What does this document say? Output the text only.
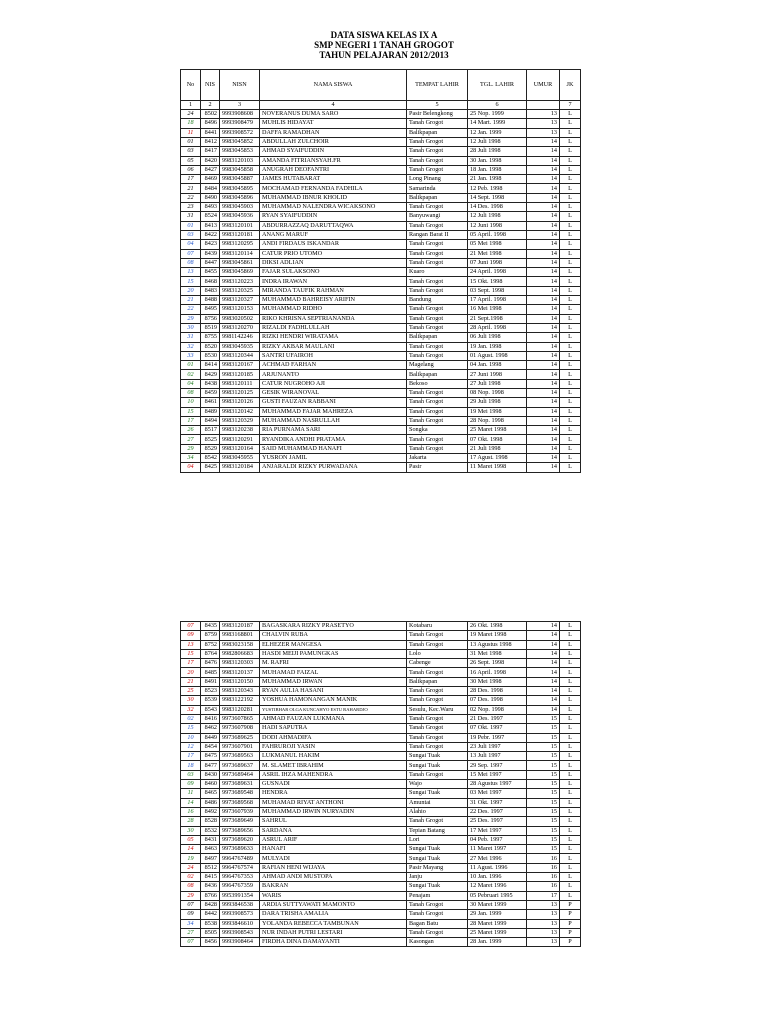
DATA SISWA KELAS IX A
SMP NEGERI 1 TANAH GROGOT
TAHUN PELAJARAN 2012/2013
No	NIS	NISN	NAMA SISWA	TEMPAT LAHIR	TGL. LAHIR	UMUR	JK
1	2	3	4	5	6		7
24	8502	9993908608	NOVERANUS DUMA SARO	Pasir Belengkong	25 Nop. 1999	13	L
18	8496	9993908479	MUHLIS HIDAYAT	Tanah Grogot	14 Mart. 1999	13	L
11	8441	9993908572	DAFFA RAMADHAN	Balikpapan	12 Jan. 1999	13	L
01	8412	9983045852	ABDULLAH ZULCHOIR	Tanah Grogot	12 Juli 1998	14	L
03	8417	9983045853	AHMAD SYAIFUDDIN	Tanah Grogot	28 Juli 1998	14	L
05	8420	9983120103	AMANDA FITRIANSYAH.FR	Tanah Grogot	30 Jan. 1998	14	L
06	8427	9983045858	ANUGRAH DEOFANTRI	Tanah Grogot	18 Jan. 1998	14	L
17	8469	9983045887	JAMES HUTABARAT	Long Pinang	21 Jan. 1998	14	L
21	8484	9983045895	MOCHAMAD FERNANDA FADHILA	Samarinda	12 Peb. 1998	14	L
22	8490	9983045896	MUHAMMAD IBNUR KHOLID	Balikpapan	14 Sept. 1998	14	L
23	8493	9983045903	MUHAMMAD NALENDRA WICAKSONO	Tanah Grogot	14 Des. 1998	14	L
31	8524	9983045936	RYAN SYAIFUDDIN	Banyuwangi	12 Juli 1998	14	L
01	8413	9983120101	ABDURRAZZAQ DARUTTAQWA	Tanah Grogot	12 Juni 1998	14	L
03	8422	9983120181	ANANG MARUF	Rangan Barat II	05 April. 1998	14	L
04	8423	9983120295	ANDI FIRDAUS ISKANDAR	Tanah Grogot	05 Mei 1998	14	L
07	8439	9983120114	CATUR PRIO UTOMO	Tanah Grogot	21 Mei 1998	14	L
08	8447	9983045861	DIKSI ADLIAN	Tanah Grogot	07 Juni 1998	14	L
13	8455	9983045869	FAJAR SULAKSONO	Kuaro	24 April. 1998	14	L
15	8468	9983120223	INDRA IRAWAN	Tanah Grogot	15 Okt. 1998	14	L
20	8483	9983120325	MIRANDA TAUFIK RAHMAN	Tanah Grogot	03 Sept. 1998	14	L
21	8488	9983120327	MUHAMMAD BAHREISY ARIFIN	Bandung	17 April. 1998	14	L
22	8495	9983120153	MUHAMMAD RIDHO	Tanah Grogot	16 Mei 1998	14	L
29	8756	9983020502	RIKO KHRISNA SEPTRIANANDA	Tanah Grogot	21 Sept.1998	14	L
30	8519	9983120270	RIZALDI FADHLULLAH	Tanah Grogot	28 April. 1998	14	L
31	8755	9981142246	RIZKI HENDRI WIRATAMA	Balikpapan	06 Juli 1998	14	L
32	8520	9983045935	RIZKY AKBAR MAULANI	Tanah Grogot	19 Jan. 1998	14	L
33	8530	9983120344	SANTRI UFAIROH	Tanah Grogot	01 Agust. 1998	14	L
01	8414	9983120167	ACHMAD FARHAN	Magelang	04 Jan. 1998	14	L
02	8429	9983120185	ARJUNANTO	Balikpapan	27 Juni 1998	14	L
04	8438	9983120111	CATUR NUGROHO AJI	Bekoso	27 Juli 1998	14	L
08	8459	9983120125	GESIK WIRANOVAL	Tanah Grogot	08 Nop. 1998	14	L
10	8461	9983120126	GUSTI FAUZAN RABBANI	Tanah Grogot	29 Juli 1998	14	L
15	8489	9983120142	MUHAMMAD FAJAR MAHREZA	Tanah Grogot	19 Mei 1998	14	L
17	8494	9983120329	MUHAMMAD NASRULLAH	Tanah Grogot	28 Nop. 1998	14	L
26	8517	9983120238	RIA PURNAMA SARI	Songka	25 Maret 1998	14	L
27	8525	9983120291	RYANDIKA ANDHI PRATAMA	Tanah Grogot	07 Okt. 1998	14	L
29	8529	9983120164	SAID MUHAMMAD HANAFI	Tanah Grogot	21 Juli 1998	14	L
34	8542	9983045955	YUSRON JAMIL	Jakarta	17 Agust. 1998	14	L
04	8425	9983120184	ANJARALDI RIZKY PURWADANA	Pasir	11 Maret 1998	14	L
07	8435	9983120187	BAGASKARA RIZKY PRASETYO	Kotabaru	26 Okt. 1998	14	L
09	8759	9983168801	CHALVIN RUBA	Tanah Grogot	19 Maret 1998	14	L
13	8752	9983023158	ELHEZER MANGESA	Tanah Grogot	13 Agustus 1998	14	L
15	8764	9982806683	HASDI MEIJI PAMUNGKAS	Lolo	31 Mei 1998	14	L
17	8476	9983120303	M. RAFRI	Cabenge	26 Sept. 1998	14	L
20	8485	9983120137	MUHAMAD FAIZAL	Tanah Grogot	16 April. 1998	14	L
21	8491	9983120150	MUHAMMAD IRWAN	Balikpapan	30 Mei 1998	14	L
25	8523	9983120343	RYAN AULIA HASANI	Tanah Grogot	28 Des. 1998	14	L
30	8539	9983122192	YOSHUA HAMONANGAN MANIK	Tanah Grogot	07 Des. 1998	14	L
32	8543	9983120281	YUSTIBHAR OLGA KUNCAHYO ESTU RAHARDJO	Sesulu, Kec.Waru	02 Nop. 1998	14	L
02	8416	9973607865	AHMAD FAUZAN LUKMANA	Tanah Grogot	21 Des. 1997	15	L
15	8462	9973607908	HADI SAPUTRA	Tanah Grogot	07 Okt. 1997	15	L
10	8449	9973689625	DODI AHMADIFA	Tanah Grogot	19 Pebr. 1997	15	L
12	8454	9973607901	FAHRUROJI YASIN	Tanah Grogot	23 Juli 1997	15	L
17	8475	9973689563	LUKMANUL HAKIM	Sungai Tuak	13 Juli 1997	15	L
18	8477	9973689637	M. SLAMET IBRAHIM	Sungai Tuak	29 Sep. 1997	15	L
03	8430	9973689464	ASRIL IHZA MAHENDRA	Tanah Grogot	15 Mei 1997	15	L
09	8460	9973689631	GUSNADI	Wajo	28 Agustus 1997	15	L
11	8465	9973689548	HENDRA	Sungai Tuak	03 Mei 1997	15	L
14	8486	9973689568	MUHAMAD RIYAT ANTHONI	Amuntai	31 Okt. 1997	15	L
16	8492	9973607939	MUHAMMAD IRWIN NURYADIN	Alahio	22 Des. 1997	15	L
28	8528	9973689649	SAHRUL	Tanah Grogot	25 Des. 1997	15	L
30	8532	9973689656	SARDANA	Tepian Batang	17 Mei 1997	15	L
05	8431	9973689620	ASRUL ARIF	Lori	04 Peb. 1997	15	L
14	8463	9973689633	HANAFI	Sungai Tuak	11 Maret 1997	15	L
19	8497	9964767489	MULYADI	Sungai Tuak	27 Mei 1996	16	L
24	8512	9964767574	RAFIAN HENI WIJAYA	Pasir Mayang	11 Agust. 1996	16	L
02	8415	9964767353	AHMAD ANDI MUSTOPA	Janju	10 Jan. 1996	16	L
08	8436	9964767359	BAKRAN	Sungai Tuak	12 Maret 1996	16	L
29	8766	9953991354	WARIS	Penajam	05 Pebruari 1995	17	L
07	8428	9993846538	ARDIA SUTTYAWATI MAMONTO	Tanah Grogot	30 Maret 1999	13	P
09	8442	9993908573	DARA TRISHA AMALIA	Tanah Grogot	29 Jan. 1999	13	P
34	8538	9993846610	YOLANDA REBECCA TAMBUNAN	Bagan Batu	28 Maret 1999	13	P
27	8505	9993908543	NUR INDAH PUTRI LESTARI	Tanah Grogot	25 Maret 1999	13	P
07	8456	9993908464	FIRDHA DINA DAMAYANTI	Kasongan	28 Jan. 1999	13	P
